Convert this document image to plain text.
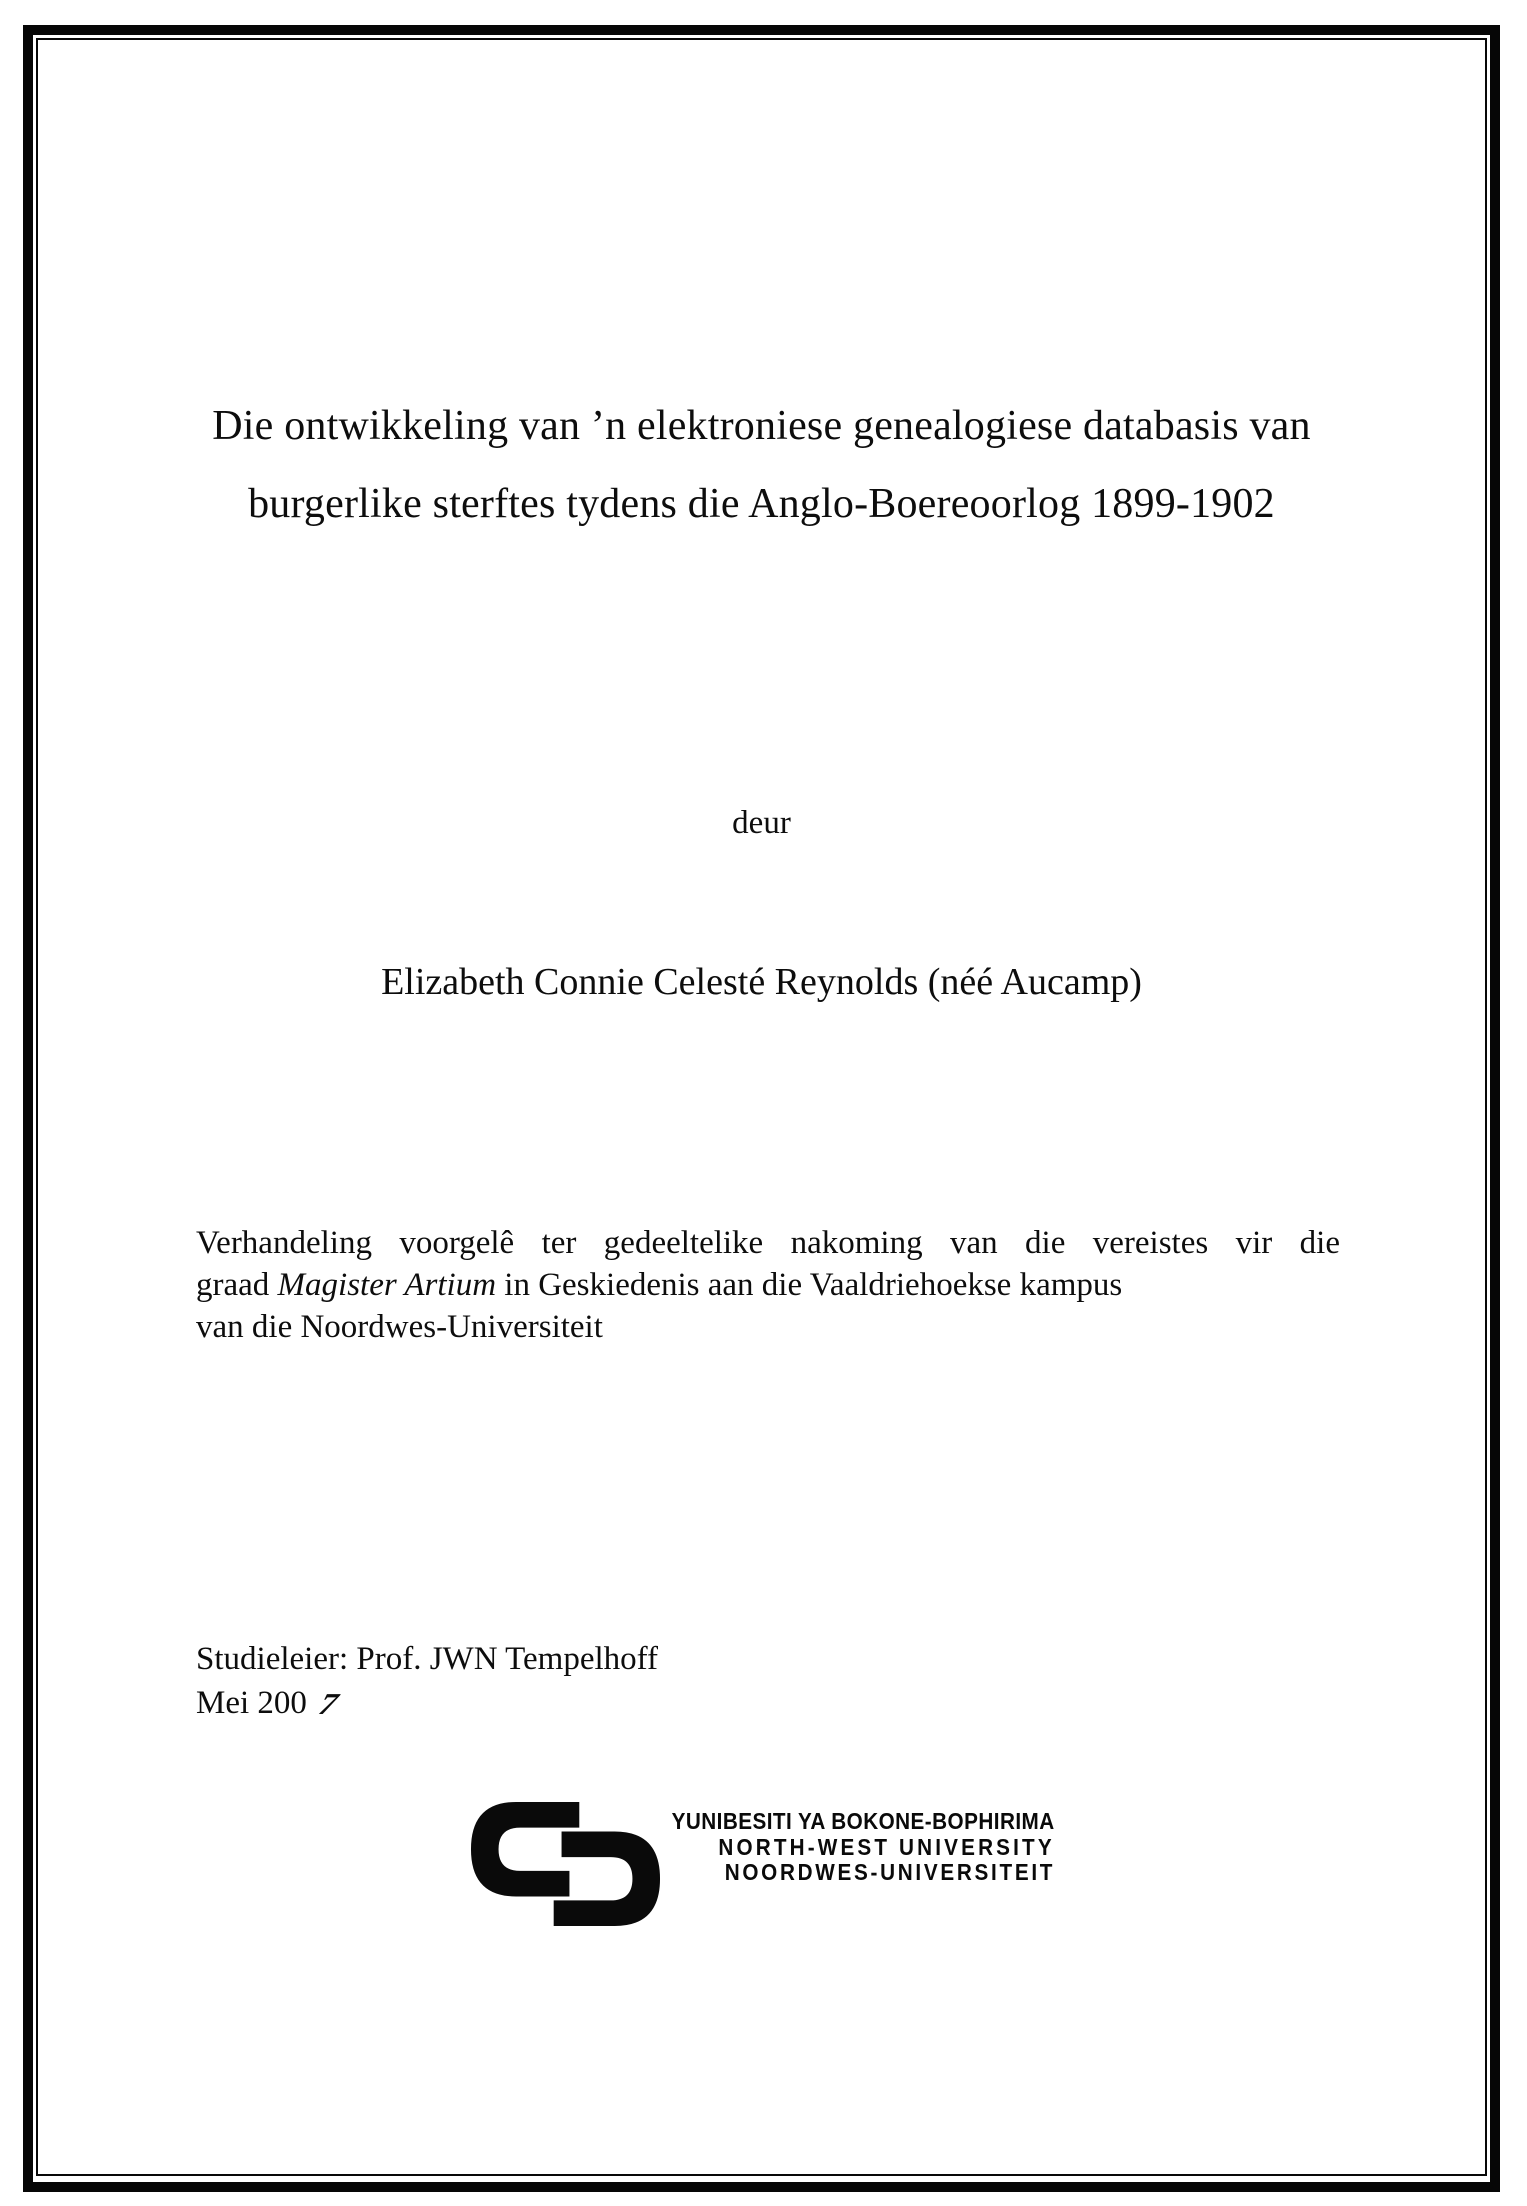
Die ontwikkeling van ’n elektroniese genealogiese databasis van
burgerlike sterftes tydens die Anglo-Boereoorlog 1899-1902
deur
Elizabeth Connie Celesté Reynolds (néé Aucamp)
Verhandeling voorgelê ter gedeeltelike nakoming van die vereistes vir die
graad Magister Artium in Geskiedenis aan die Vaaldriehoekse kampus
van die Noordwes-Universiteit
Studieleier: Prof. JWN Tempelhoff
Mei 200 7
YUNIBESITI YA BOKONE-BOPHIRIMA
NORTH-WEST UNIVERSITY
NOORDWES-UNIVERSITEIT
